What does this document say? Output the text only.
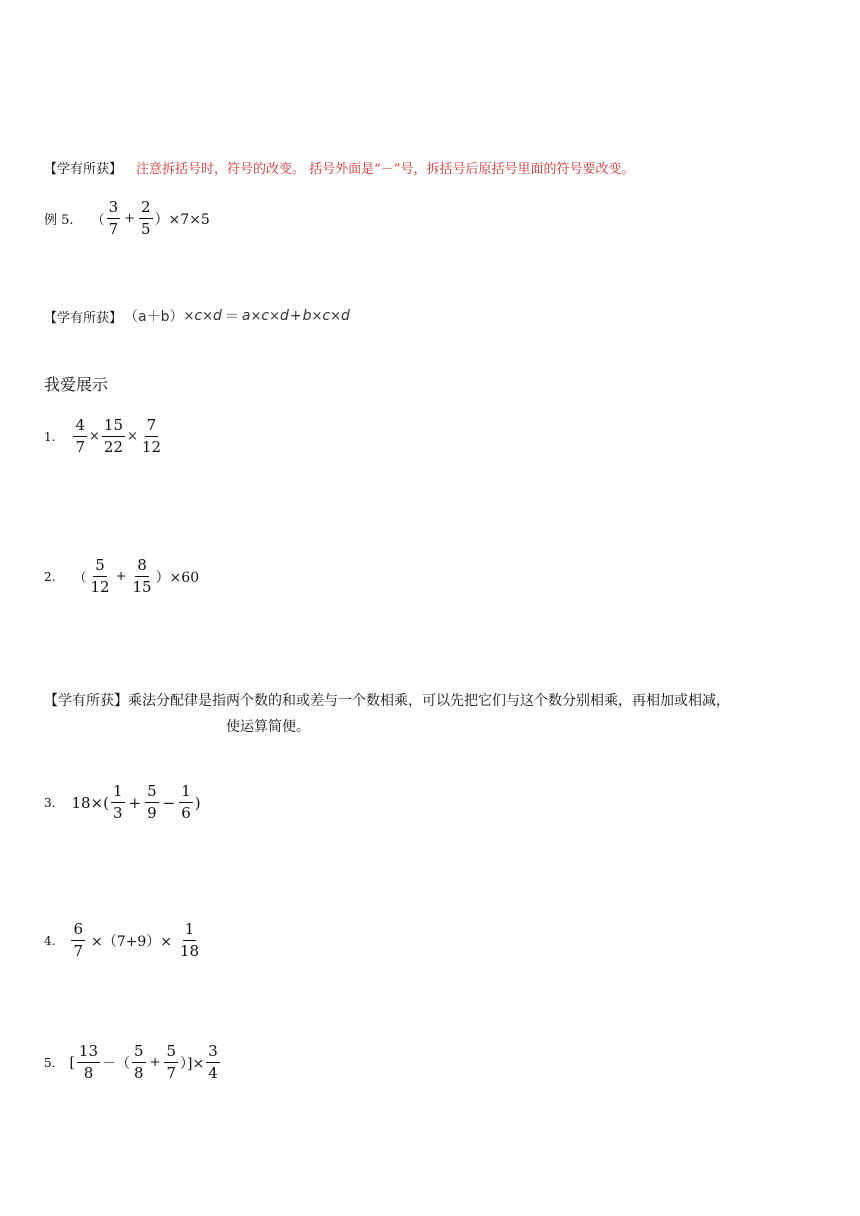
【学有所获】 注意拆括号时，符号的改变。 括号外面是“－”号，拆括号后原括号里面的符号要改变。
例 5. （ $\frac{3}{7} + \frac{2}{5} )\times 7\times 5$
【学有所获】 （a＋b） × c × d ＝ a × c × d + b × c × d
我爱展示
1. $\frac{4}{7} \times \frac{15}{22} \times \frac{7}{12}$
2. （ $\frac{5}{12} + \frac{8}{15} )\times 60$
【学有所获】 乘法分配律是指两个数的和或差与一个数相乘，可以先把它们与这个数分别相乘，再相加或相减，
使运算简便。
3. $18\times( \frac{1}{3} + \frac{5}{9} - \frac{1}{6}$ )
4. $\frac{6}{7} \times(7+9)\times \frac{1}{18}$
5. [ $\frac{13}{8}$ －（ $\frac{5}{8} + \frac{5}{7}$ ）]× $\frac{3}{4}$
